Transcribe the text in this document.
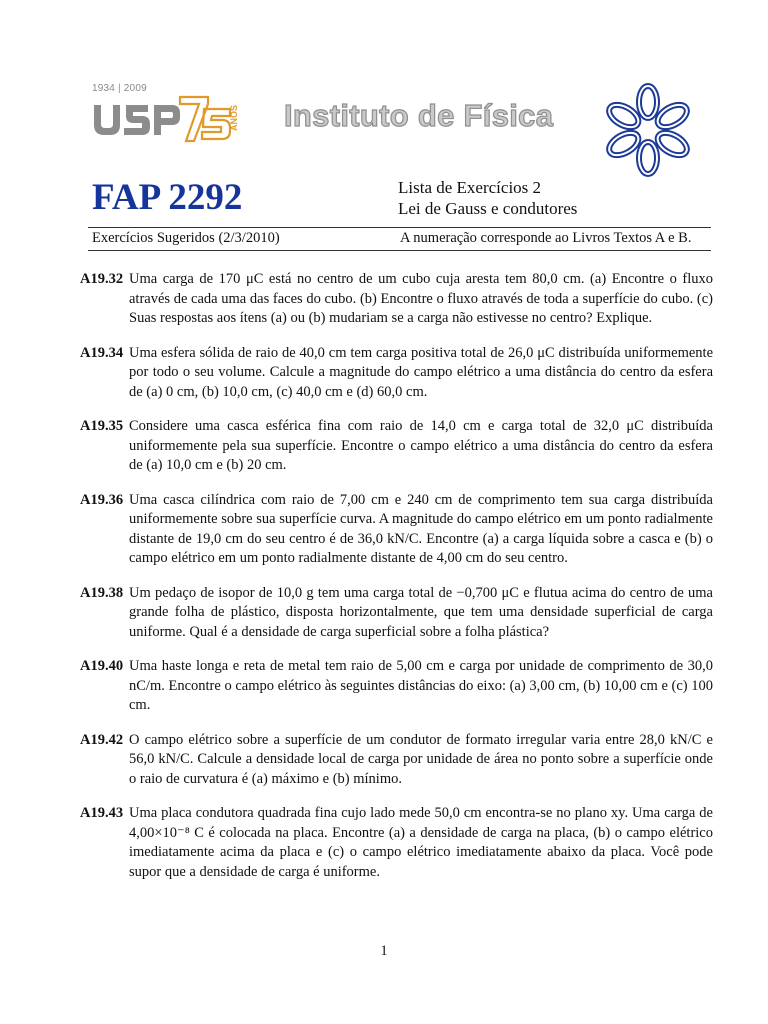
1934 | 2009
ANOS Instituto de Física
FAP 2292	Lista de Exercícios 2
Lei de Gauss e condutores
Exercícios Sugeridos (2/3/2010)	A numeração corresponde ao Livros Textos A e B.
A19.32 Uma carga de 170 μC está no centro de um cubo cuja aresta tem 80,0 cm. (a) Encontre o fluxo através de cada uma das faces do cubo. (b) Encontre o fluxo através de toda a superfície do cubo. (c) Suas respostas aos ítens (a) ou (b) mudariam se a carga não estivesse no centro? Explique.
A19.34 Uma esfera sólida de raio de 40,0 cm tem carga positiva total de 26,0 μC distribuída uniformemente por todo o seu volume. Calcule a magnitude do campo elétrico a uma distância do centro da esfera de (a) 0 cm, (b) 10,0 cm, (c) 40,0 cm e (d) 60,0 cm.
A19.35 Considere uma casca esférica fina com raio de 14,0 cm e carga total de 32,0 μC distribuída uniformemente pela sua superfície. Encontre o campo elétrico a uma distância do centro da esfera de (a) 10,0 cm e (b) 20 cm.
A19.36 Uma casca cilíndrica com raio de 7,00 cm e 240 cm de comprimento tem sua carga distribuída uniformemente sobre sua superfície curva. A magnitude do campo elétrico em um ponto radialmente distante de 19,0 cm do seu centro é de 36,0 kN/C. Encontre (a) a carga líquida sobre a casca e (b) o campo elétrico em um ponto radialmente distante de 4,00 cm do seu centro.
A19.38 Um pedaço de isopor de 10,0 g tem uma carga total de −0,700 μC e flutua acima do centro de uma grande folha de plástico, disposta horizontalmente, que tem uma densidade superficial de carga uniforme. Qual é a densidade de carga superficial sobre a folha plástica?
A19.40 Uma haste longa e reta de metal tem raio de 5,00 cm e carga por unidade de comprimento de 30,0 nC/m. Encontre o campo elétrico às seguintes distâncias do eixo: (a) 3,00 cm, (b) 10,00 cm e (c) 100 cm.
A19.42 O campo elétrico sobre a superfície de um condutor de formato irregular varia entre 28,0 kN/C e 56,0 kN/C. Calcule a densidade local de carga por unidade de área no ponto sobre a superfície onde o raio de curvatura é (a) máximo e (b) mínimo.
A19.43 Uma placa condutora quadrada fina cujo lado mede 50,0 cm encontra-se no plano xy. Uma carga de 4,00×10⁻⁸ C é colocada na placa. Encontre (a) a densidade de carga na placa, (b) o campo elétrico imediatamente acima da placa e (c) o campo elétrico imediatamente abaixo da placa. Você pode supor que a densidade de carga é uniforme.
1
